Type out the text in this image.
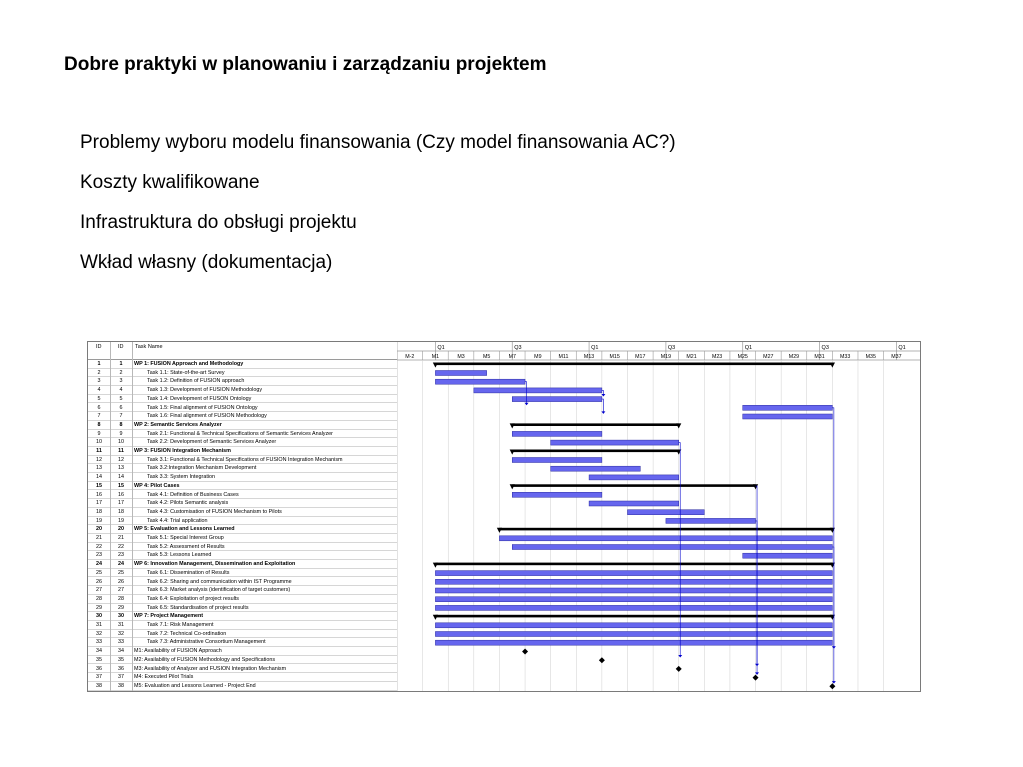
Dobre praktyki w planowaniu i zarządzaniu projektem
Problemy wyboru modelu finansowania (Czy model finansowania AC?)
Koszty kwalifikowane
Infrastruktura do obsługi projektu
Wkład własny (dokumentacja)
ID	ID Task Name
1	1	WP 1: FUSION Approach and Methodology
2	2	Task 1.1: State-of-the-art Survey
3	3	Task 1.2: Definition of FUSION approach
4	4	Task 1.3: Development of FUSION Methodology
5	5	Task 1.4: Development of FUSON Ontology
6	6	Task 1.5: Final alignment of FUSION Ontology
7	7	Task 1.6: Final alignment of FUSION Methodology
8	8	WP 2: Semantic Services Analyzer
9	9	Task 2.1: Functional & Technical Specifications of Semantic Services Analyzer
10	10	Task 2.2: Development of Semantic Services Analyzer
11	11	WP 3: FUSION Integration Mechanism
12	12	Task 3.1: Functional & Technical Specifications of FUSION Integration Mechanism
13	13	Task 3.2:Integration Mechanism Development
14	14	Task 3.3: System Integration
15	15	WP 4: Pilot Cases
16	16	Task 4.1: Definition of Business Cases
17	17	Task 4.2: Pilots Semantic analysis
18	18	Task 4.3: Customisation of FUSION Mechanism to Pilots
19	19	Task 4.4: Trial application
20	20	WP 5: Evaluation and Lessons Learned
21	21	Task 5.1: Special Interest Group
22	22	Task 5.2: Assessment of Results
23	23	Task 5.3: Lessons Learned
24	24	WP 6: Innovation Management, Dissemination and Exploitation
25	25	Task 6.1: Dissemination of Results
26	26	Task 6.2: Sharing and communication within IST Programme
27	27	Task 6.3: Market analysis (identification of target customers)
28	28	Task 6.4: Exploitation of project results
29	29	Task 6.5: Standardisation of project results
30	30	WP 7: Project Management
31	31	Task 7.1: Risk Management
32	32	Task 7.2: Technical Co-ordination
33	33	Task 7.3: Administrative Consortium Management
34	34	M1: Availability of FUSION Approach
35	35	M2: Availability of FUSION Methodology and Specifications
36	36	M3: Availability of Analyzer and FUSION Integration Mechanism
37	37	M4: Executed Pilot Trials
38	38	M5: Evaluation and Lessons Learned - Project End
Q1	Q3	Q1	Q3	Q1	Q3	Q1
M-2	M1	M3	M5	M7	M9	M11	M13	M15	M17	M19	M21	M23	M25	M27	M29	M31	M33	M35	M37
